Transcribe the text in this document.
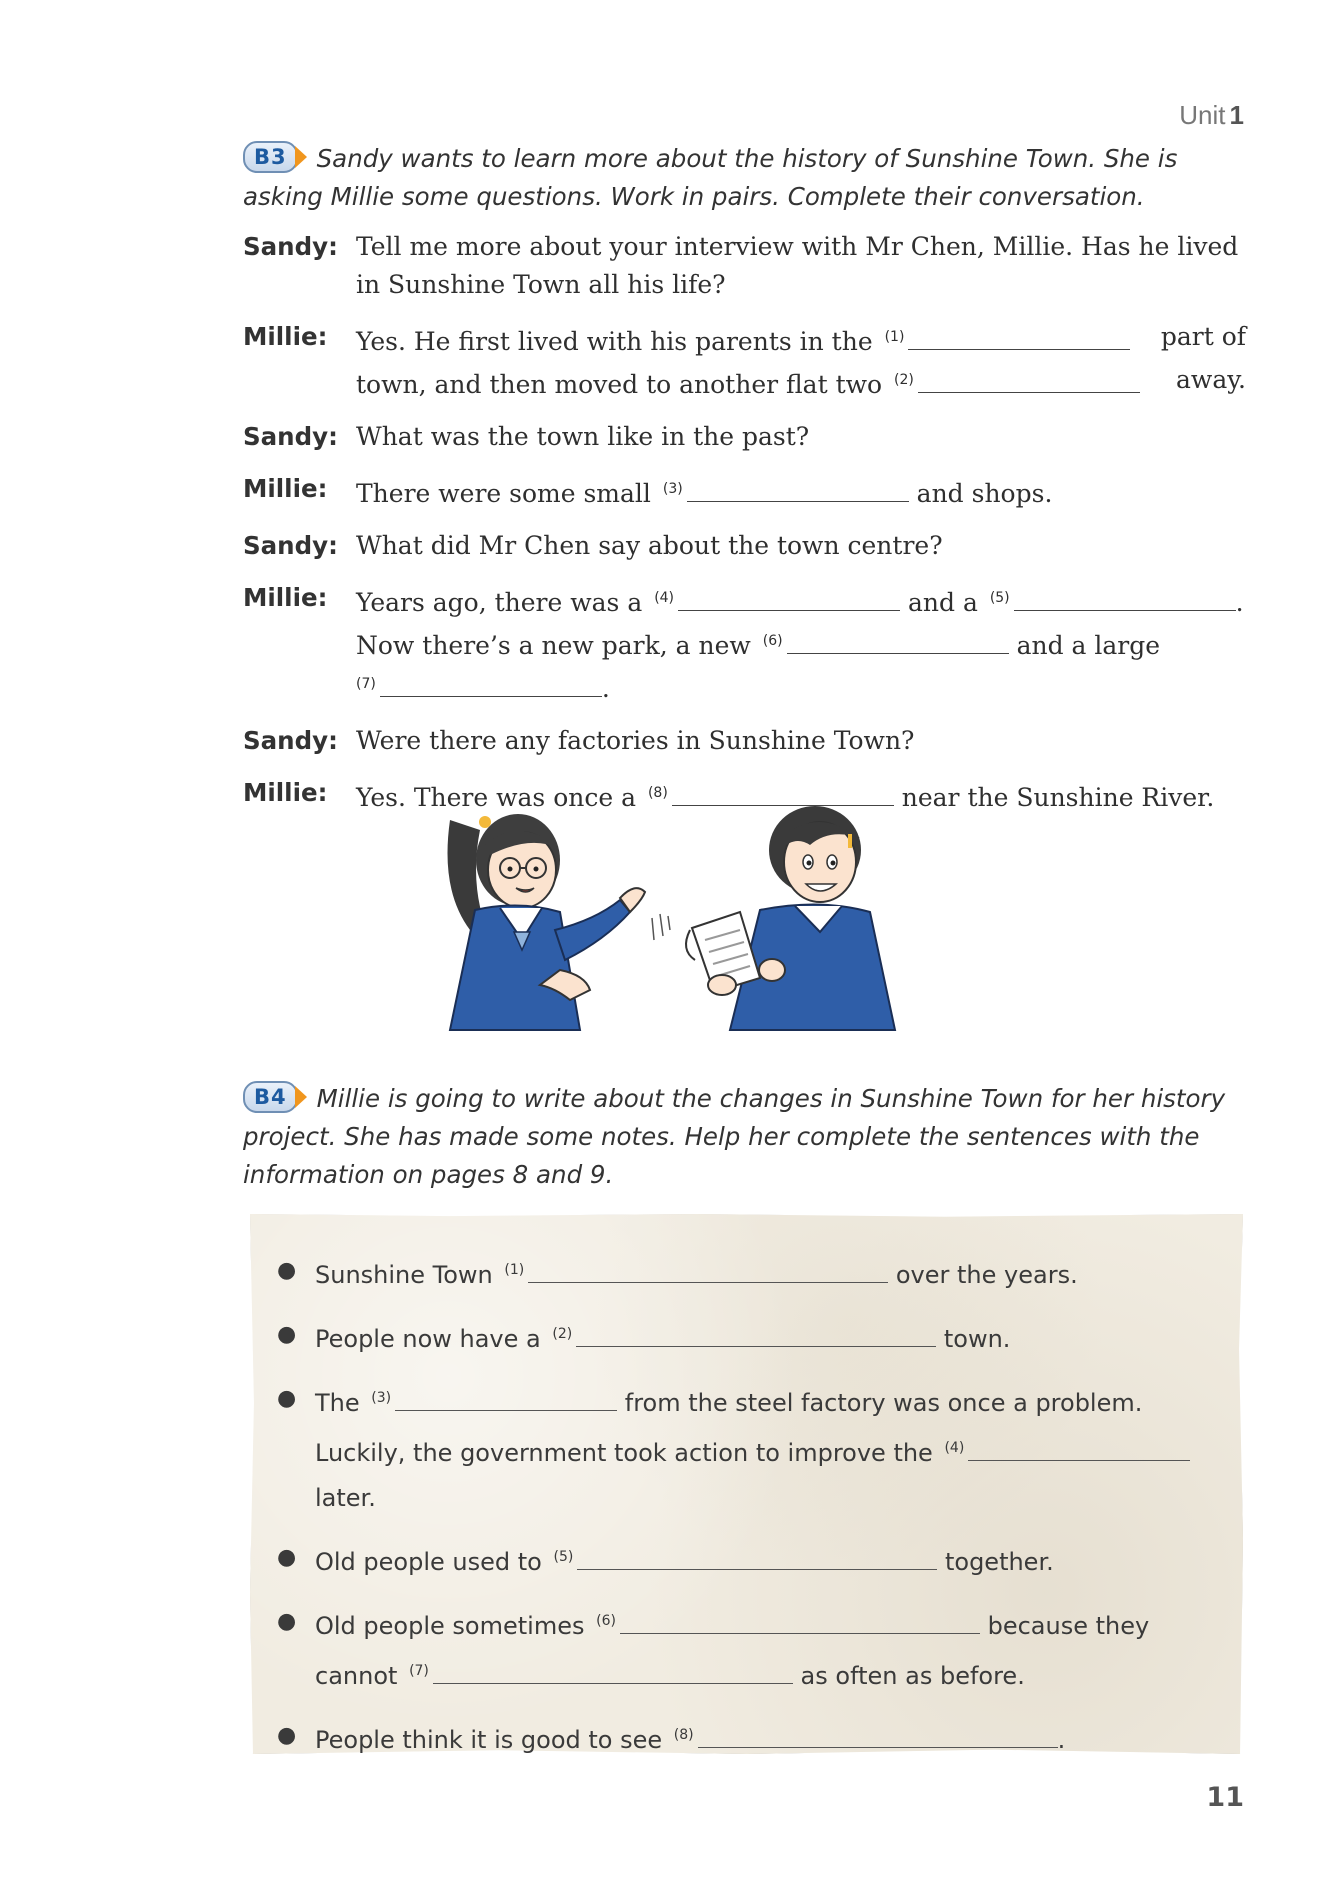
Unit 1
B3	Sandy wants to learn more about the history of Sunshine Town. She is asking Millie some questions. Work in pairs. Complete their conversation.
Sandy: Tell me more about your interview with Mr Chen, Millie. Has he lived in Sunshine Town all his life?
Millie:	Yes. He first lived with his parents in the $^{(1)}$	part of
town, and then moved to another flat two $^{(2)}$	away.
Sandy: What was the town like in the past?
Millie:	There were some small $^{(3)}$	and shops.
Sandy: What did Mr Chen say about the town centre?
Millie:	Years ago, there was a $^{(4)}$	and a $^{(5)}$	.
Now there’s a new park, a new $^{(6)}$	and a large
$^{(7)}$	.
Sandy: Were there any factories in Sunshine Town?
Millie:	Yes. There was once a $^{(8)}$	near the Sunshine River.
B4	Millie is going to write about the changes in Sunshine Town for her history project. She has made some notes. Help her complete the sentences with the information on pages 8 and 9.
● Sunshine Town $^{(1)}$	over the years.
● People now have a $^{(2)}$	town.
● The $^{(3)}$	from the steel factory was once a problem.
Luckily, the government took action to improve the $^{(4)}$
later.
● Old people used to $^{(5)}$	together.
● Old people sometimes $^{(6)}$	because they
cannot $^{(7)}$	as often as before.
● People think it is good to see $^{(8)}$	.
11
